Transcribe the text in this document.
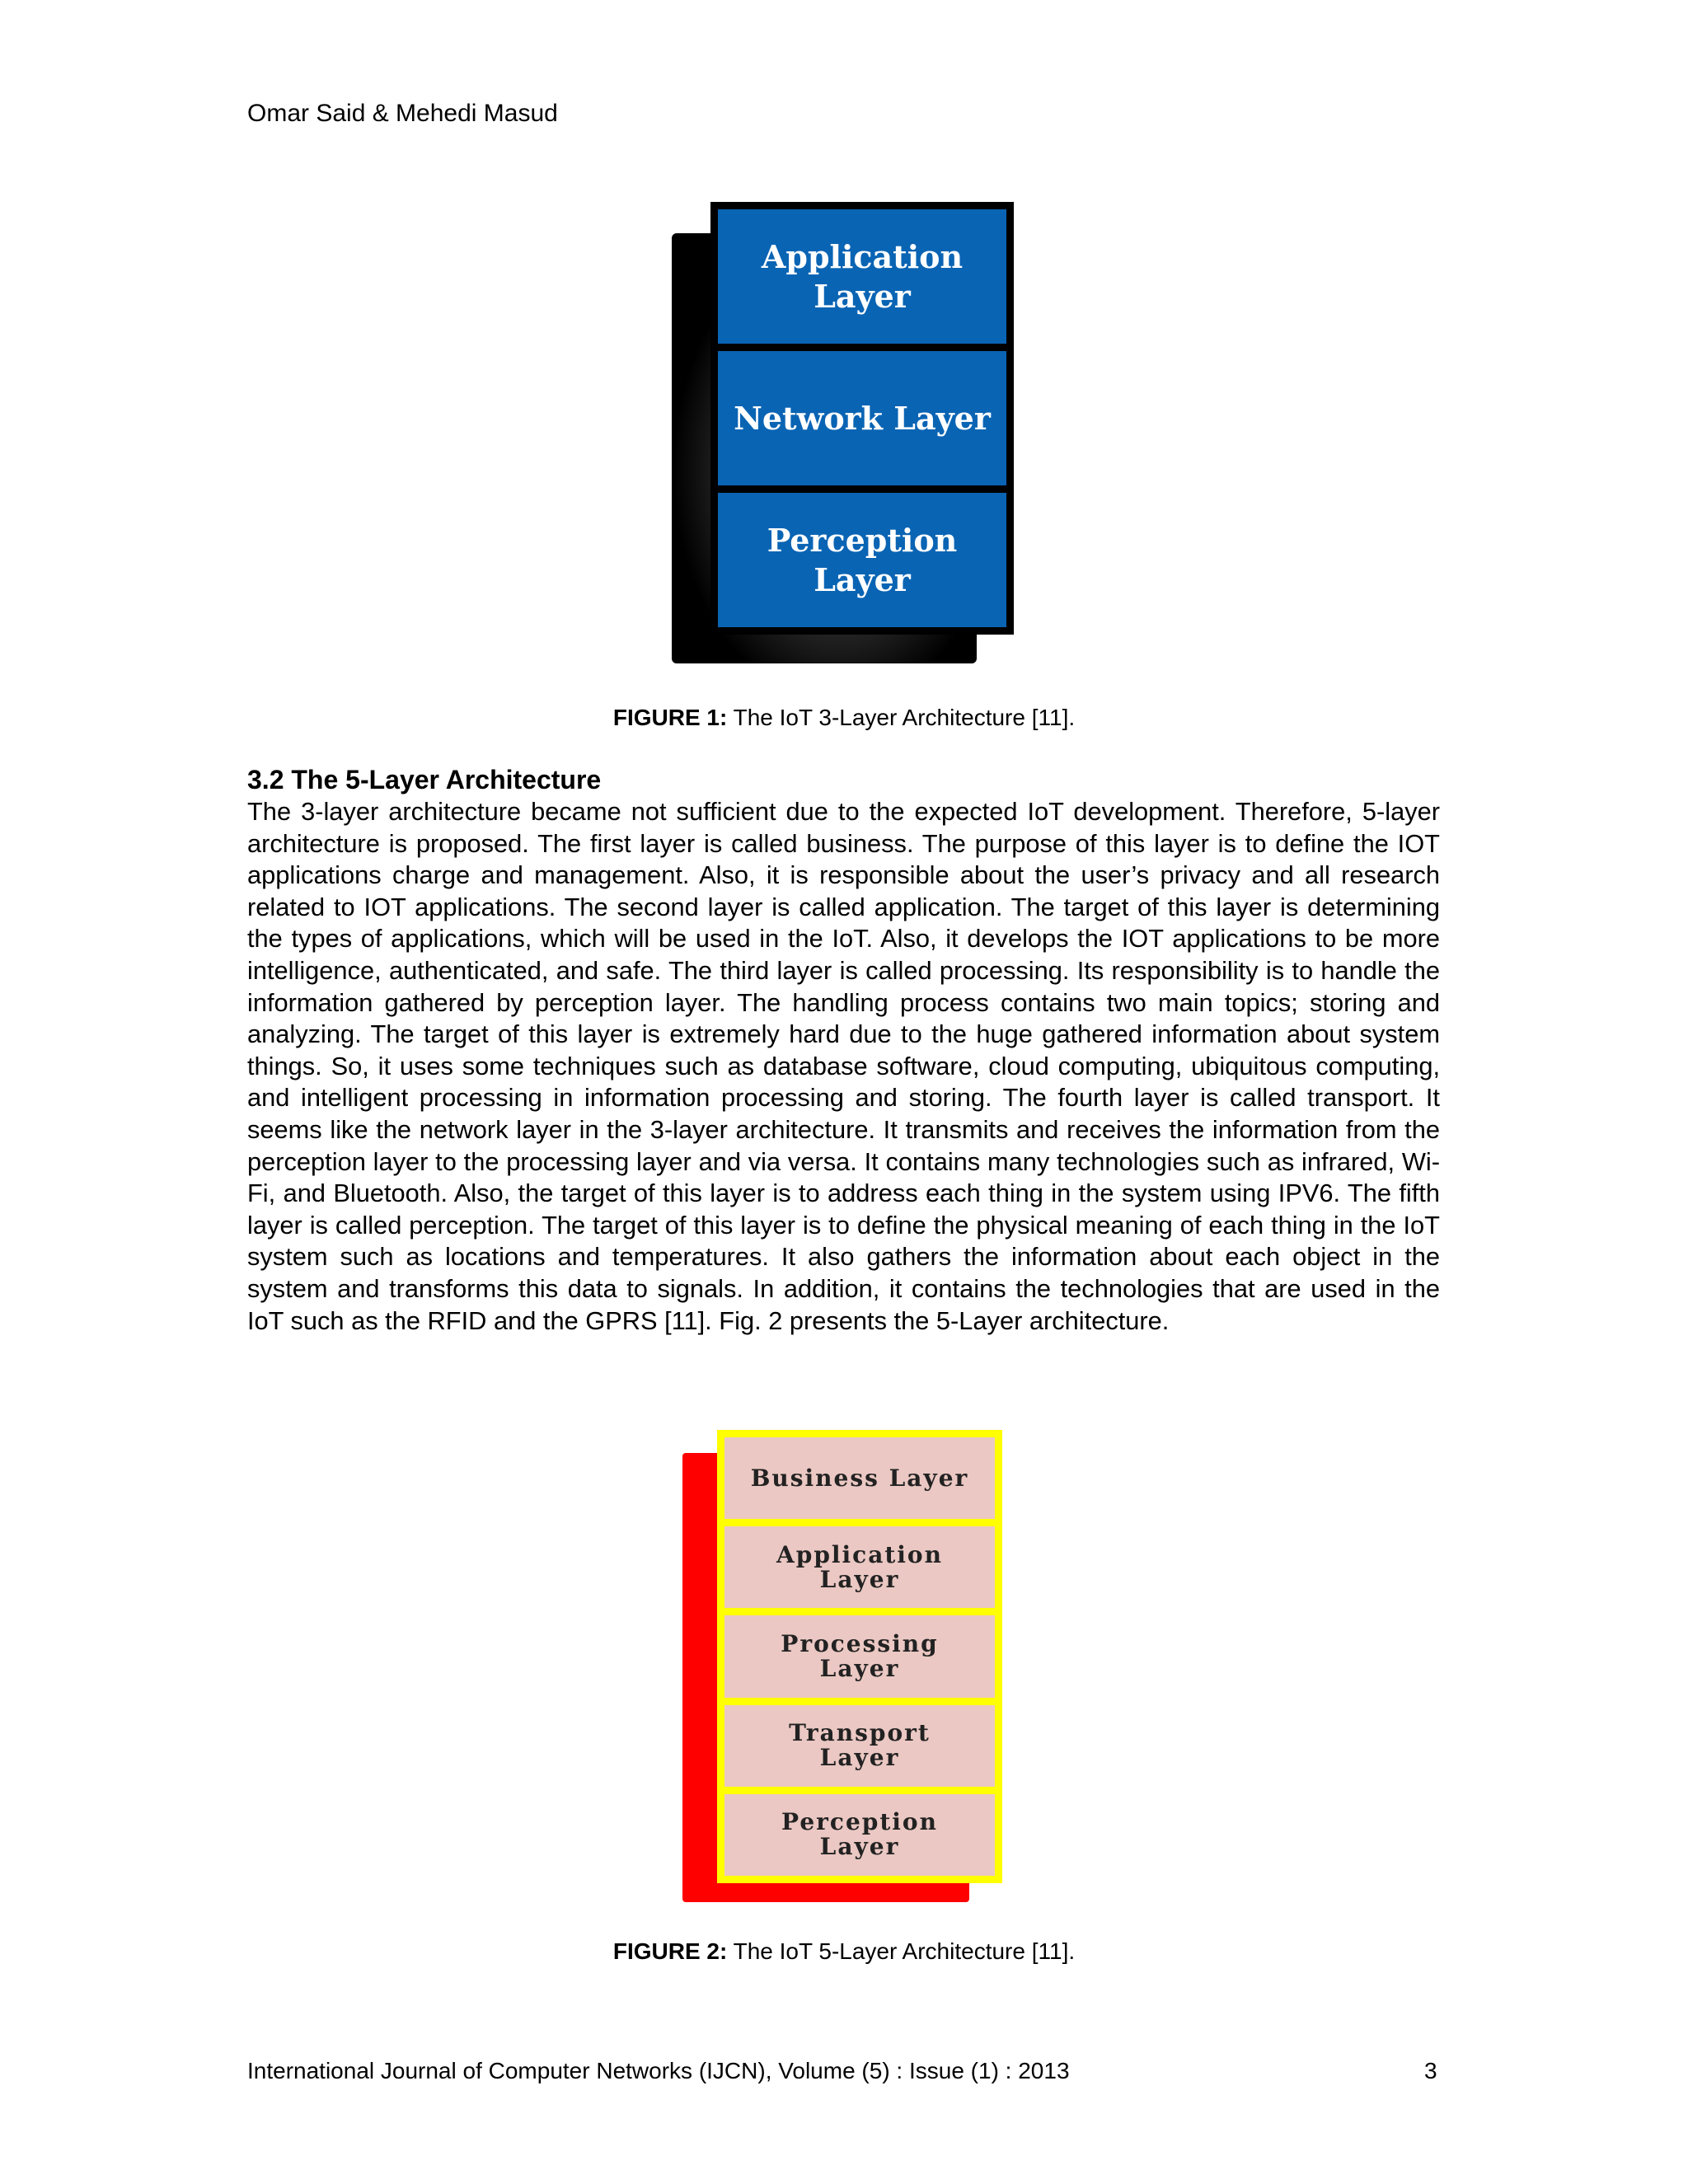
Omar Said & Mehedi Masud
Application Layer
Network Layer
Perception Layer
FIGURE 1: The IoT 3-Layer Architecture [11].
3.2 The 5-Layer Architecture

The 3-layer architecture became not sufficient due to the expected IoT development. Therefore, 5-layer architecture is proposed. The first layer is called business. The purpose of this layer is to define the IOT applications charge and management. Also, it is responsible about the user’s privacy and all research related to IOT applications. The second layer is called application. The target of this layer is determining the types of applications, which will be used in the IoT. Also, it develops the IOT applications to be more intelligence, authenticated, and safe. The third layer is called processing. Its responsibility is to handle the information gathered by perception layer. The handling process contains two main topics; storing and analyzing. The target of this layer is extremely hard due to the huge gathered information about system things. So, it uses some techniques such as database software, cloud computing, ubiquitous computing, and intelligent processing in information processing and storing. The fourth layer is called transport. It seems like the network layer in the 3-layer architecture. It transmits and receives the information from the perception layer to the processing layer and via versa. It contains many technologies such as infrared, Wi-Fi, and Bluetooth. Also, the target of this layer is to address each thing in the system using IPV6. The fifth layer is called perception. The target of this layer is to define the physical meaning of each thing in the IoT system such as locations and temperatures. It also gathers the information about each object in the system and transforms this data to signals. In addition, it contains the technologies that are used in the IoT such as the RFID and the GPRS [11]. Fig. 2 presents the 5-Layer architecture.

Business Layer
Application Layer
Processing Layer
Transport Layer
Perception Layer
FIGURE 2: The IoT 5-Layer Architecture [11].
International Journal of Computer Networks (IJCN), Volume (5) : Issue (1) : 2013	3
